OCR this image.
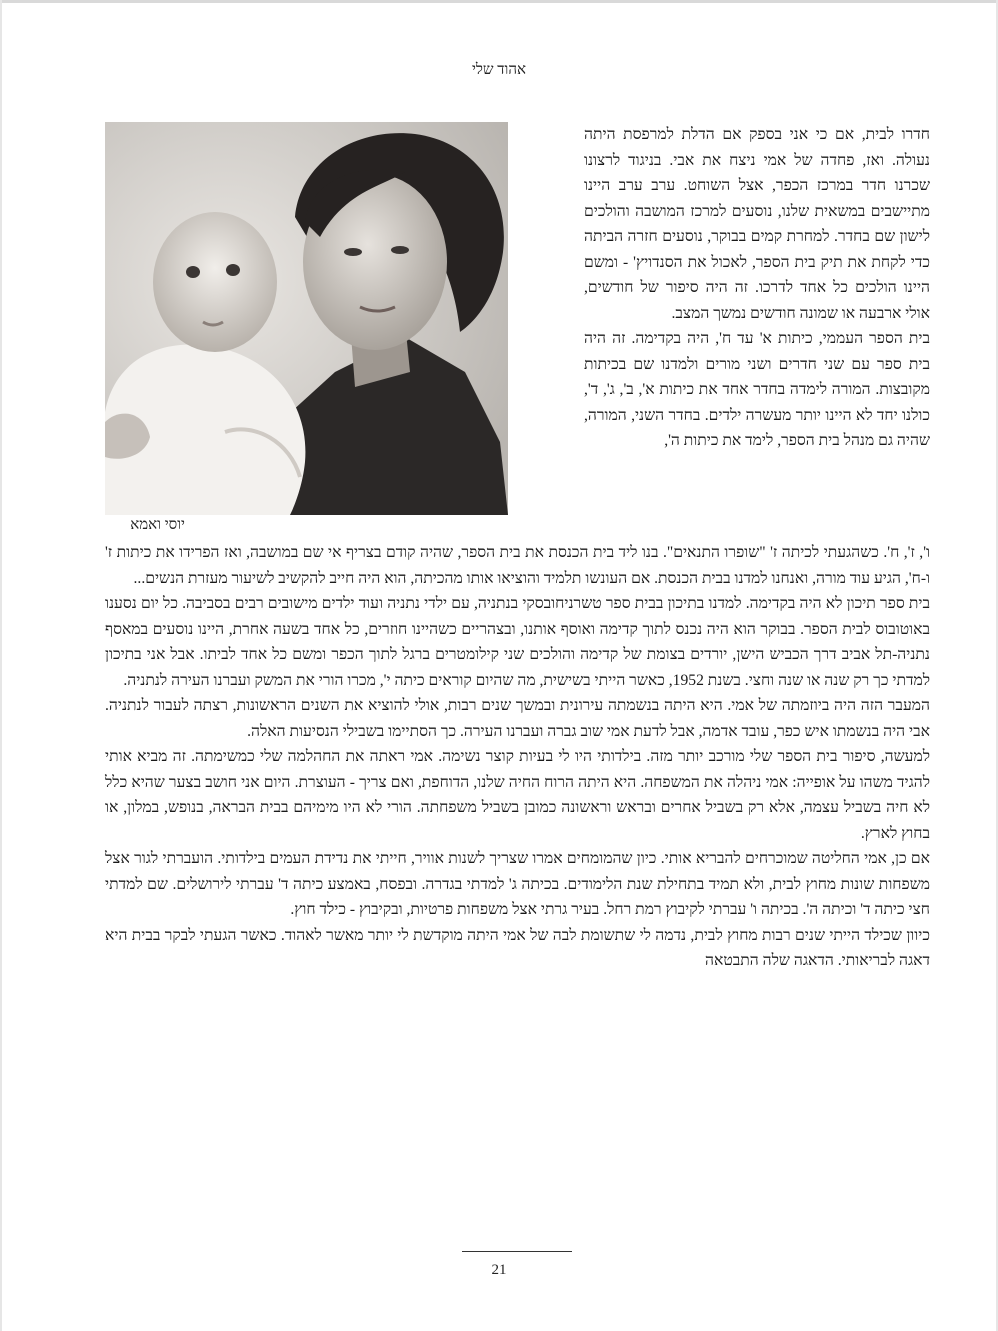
אהוד שלי
יוסי ואמא

חדרו לבית, אם כי אני בספק אם הדלת למרפסת היתה נעולה. ואז, פחדה של אמי ניצח את אבי. בניגוד לרצונו שכרנו חדר במרכז הכפר, אצל השוחט. ערב ערב היינו מתיישבים במשאית שלנו, נוסעים למרכז המושבה והולכים לישון שם בחדר. למחרת קמים בבוקר, נוסעים חזרה הביתה כדי לקחת את תיק בית הספר, לאכול את הסנדויץ' - ומשם היינו הולכים כל אחד לדרכו. זה היה סיפור של חודשים, אולי ארבעה או שמונה חודשים נמשך המצב.

בית הספר העממי, כיתות א' עד ח', היה בקדימה. זה היה בית ספר עם שני חדרים ושני מורים ולמדנו שם בכיתות מקובצות. המורה לימדה בחדר אחד את כיתות א', ב', ג', ד', כולנו יחד לא היינו יותר מעשרה ילדים. בחדר השני, המורה, שהיה גם מנהל בית הספר, לימד את כיתות ה',

ו', ז', ח'. כשהגעתי לכיתה ז' "שופרו התנאים". בנו ליד בית הכנסת את בית הספר, שהיה קודם בצריף אי שם במושבה, ואז הפרידו את כיתות ז' ו-ח', הגיע עוד מורה, ואנחנו למדנו בבית הכנסת. אם העונשו תלמיד והוציאו אותו מהכיתה, הוא היה חייב להקשיב לשיעור מעזרת הנשים...

בית ספר תיכון לא היה בקדימה. למדנו בתיכון בבית ספר טשרניחובסקי בנתניה, עם ילדי נתניה ועוד ילדים מישובים רבים בסביבה. כל יום נסענו באוטובוס לבית הספר. בבוקר הוא היה נכנס לתוך קדימה ואוסף אותנו, ובצהריים כשהיינו חוזרים, כל אחד בשעה אחרת, היינו נוסעים במאסף נתניה-תל אביב דרך הכביש הישן, יורדים בצומת של קדימה והולכים שני קילומטרים ברגל לתוך הכפר ומשם כל אחד לביתו. אבל אני בתיכון למדתי כך רק שנה או שנה וחצי. בשנת 1952, כאשר הייתי בשישית, מה שהיום קוראים כיתה י', מכרו הורי את המשק ועברנו העירה לנתניה.

המעבר הזה היה ביוזמתה של אמי. היא היתה בנשמתה עירונית ובמשך שנים רבות, אולי להוציא את השנים הראשונות, רצתה לעבור לנתניה. אבי היה בנשמתו איש כפר, עובד אדמה, אבל לדעת אמי שוב גברה ועברנו העירה. כך הסתיימו בשבילי הנסיעות האלה.

למעשה, סיפור בית הספר שלי מורכב יותר מזה. בילדותי היו לי בעיות קוצר נשימה. אמי ראתה את החהלמה שלי כמשימתה. זה מביא אותי להגיד משהו על אופייה: אמי ניהלה את המשפחה. היא היתה הרוח החיה שלנו, הדוחפת, ואם צריך - העוצרת. היום אני חושב בצער שהיא כלל לא חיה בשביל עצמה, אלא רק בשביל אחרים ובראש וראשונה כמובן בשביל משפחתה. הורי לא היו מימיהם בבית הבראה, בנופש, במלון, או בחוץ לארץ.

אם כן, אמי החליטה שמוכרחים להבריא אותי. כיון שהמומחים אמרו שצריך לשנות אוויר, חייתי את נדידת העמים בילדותי. הועברתי לגור אצל משפחות שונות מחוץ לבית, ולא תמיד בתחילת שנת הלימודים. בכיתה ג' למדתי בגדרה. ובפסח, באמצע כיתה ד' עברתי לירושלים. שם למדתי חצי כיתה ד' וכיתה ה'. בכיתה ו' עברתי לקיבוץ רמת רחל. בעיר גרתי אצל משפחות פרטיות, ובקיבוץ - כילד חוץ.

כיוון שכילד הייתי שנים רבות מחוץ לבית, נדמה לי שתשומת לבה של אמי היתה מוקדשת לי יותר מאשר לאהוד. כאשר הגעתי לבקר בבית היא דאגה לבריאותי. הדאגה שלה התבטאה

21
